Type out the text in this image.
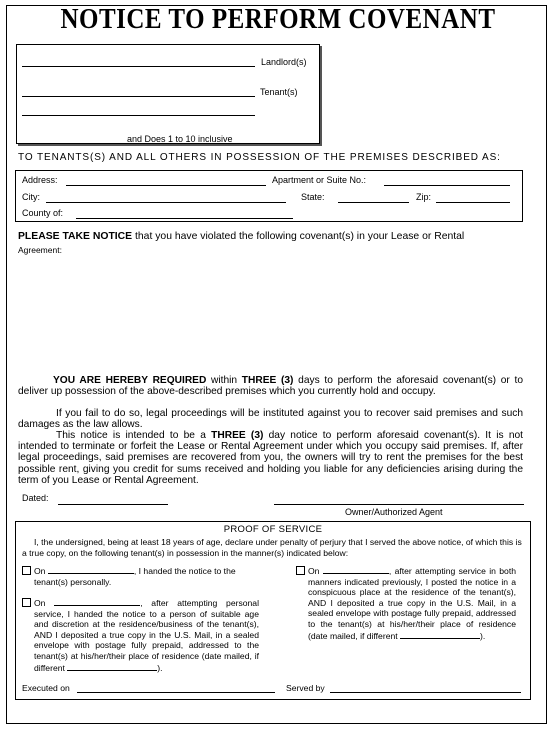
NOTICE TO PERFORM COVENANT
Landlord(s)
Tenant(s)
and Does 1 to 10 inclusive
TO TENANTS(S) AND ALL OTHERS IN POSSESSION OF THE PREMISES DESCRIBED AS:
Address:	Apartment or Suite No.:
City:	State:	Zip:
County of:
PLEASE TAKE NOTICE that you have violated the following covenant(s) in your Lease or Rental
Agreement:
YOU ARE HEREBY REQUIRED within THREE (3) days to perform the aforesaid covenant(s) or to deliver up possession of the above-described premises which you currently hold and occupy.
If you fail to do so, legal proceedings will be instituted against you to recover said premises and such damages as the law allows.
This notice is intended to be a THREE (3) day notice to perform aforesaid covenant(s). It is not intended to terminate or forfeit the Lease or Rental Agreement under which you occupy said premises. If, after legal proceedings, said premises are recovered from you, the owners will try to rent the premises for the best possible rent, giving you credit for sums received and holding you liable for any deficiencies arising during the term of you Lease or Rental Agreement.
Dated:
Owner/Authorized Agent
PROOF OF SERVICE
I, the undersigned, being at least 18 years of age, declare under penalty of perjury that I served the above notice, of which this is a true copy, on the following tenant(s) in possession in the manner(s) indicated below:
On	, I handed the notice to the tenant(s) personally.
On	, after attempting personal service, I handed the notice to a person of suitable age and discretion at the residence/business of the tenant(s), AND I deposited a true copy in the U.S. Mail, in a sealed envelope with postage fully prepaid, addressed to the tenant(s) at his/her/their place of residence (date mailed, if different	).
On	, after attempting service in both manners indicated previously, I posted the notice in a conspicuous place at the residence of the tenant(s), AND I deposited a true copy in the U.S. Mail, in a sealed envelope with postage fully prepaid, addressed to the tenant(s) at his/her/their place of residence (date mailed, if different	).
Executed on	Served by
